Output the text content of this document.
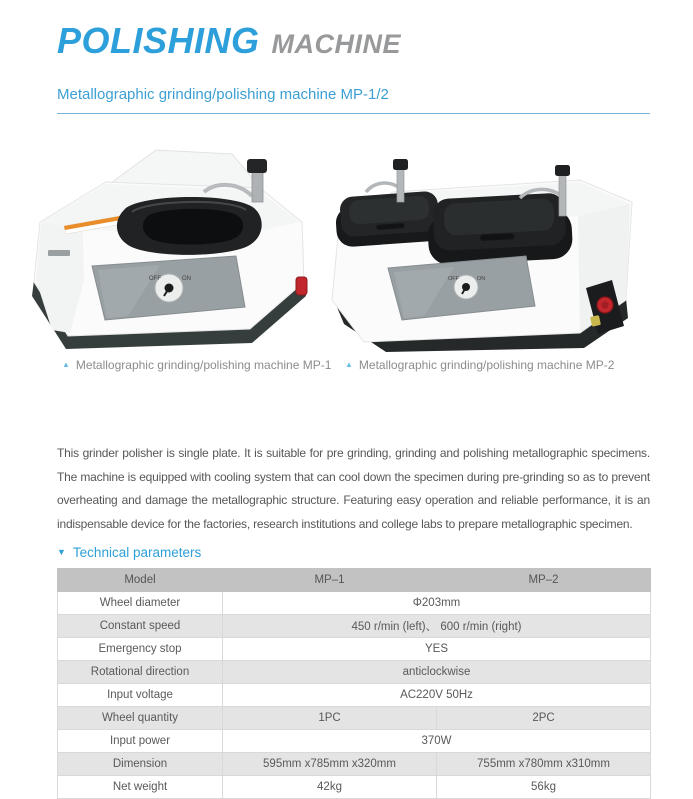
POLISHING MACHINE
Metallographic grinding/polishing machine MP-1/2
OFF	ON	OFF	ON
▲ Metallographic grinding/polishing machine MP-1 ▲ Metallographic grinding/polishing machine MP-2

This grinder polisher is single plate. It is suitable for pre grinding, grinding and polishing metallographic specimens. The machine is equipped with cooling system that can cool down the specimen during pre-grinding so as to prevent overheating and damage the metallographic structure. Featuring easy operation and reliable performance, it is an indispensable device for the factories, research institutions and college labs to prepare metallographic specimen.

▼ Technical parameters
Model	MP–1	MP–2
Wheel diameter	Φ203mm	
Constant speed	450 r/min (left)、 600 r/min (right)	
Emergency stop	YES	
Rotational direction	anticlockwise	
Input voltage	AC220V 50Hz	
Wheel quantity	1PC	2PC
Input power	370W	
Dimension	595mm x785mm x320mm	755mm x780mm x310mm
Net weight	42kg	56kg
